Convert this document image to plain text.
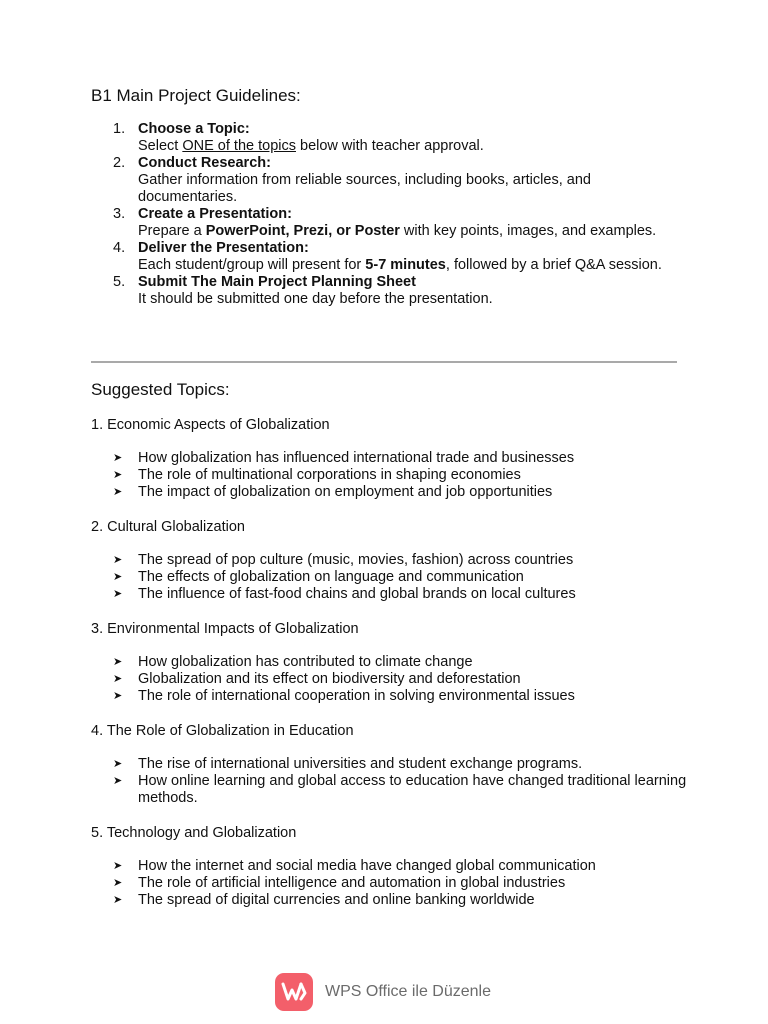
B1 Main Project Guidelines:
1. Choose a Topic:
Select ONE of the topics below with teacher approval.
2. Conduct Research:
Gather information from reliable sources, including books, articles, and documentaries.
3. Create a Presentation:
Prepare a PowerPoint, Prezi, or Poster with key points, images, and examples.
4. Deliver the Presentation:
Each student/group will present for 5-7 minutes, followed by a brief Q&A session.
5. Submit The Main Project Planning Sheet
It should be submitted one day before the presentation.
Suggested Topics:
1. Economic Aspects of Globalization
➤ How globalization has influenced international trade and businesses
➤ The role of multinational corporations in shaping economies
➤ The impact of globalization on employment and job opportunities
2. Cultural Globalization
➤ The spread of pop culture (music, movies, fashion) across countries
➤ The effects of globalization on language and communication
➤ The influence of fast-food chains and global brands on local cultures
3. Environmental Impacts of Globalization
➤ How globalization has contributed to climate change
➤ Globalization and its effect on biodiversity and deforestation
➤ The role of international cooperation in solving environmental issues
4. The Role of Globalization in Education
➤ The rise of international universities and student exchange programs.
➤ How online learning and global access to education have changed traditional learning methods.
5. Technology and Globalization
➤ How the internet and social media have changed global communication
➤ The role of artificial intelligence and automation in global industries
➤ The spread of digital currencies and online banking worldwide
WPS Office ile Düzenle
